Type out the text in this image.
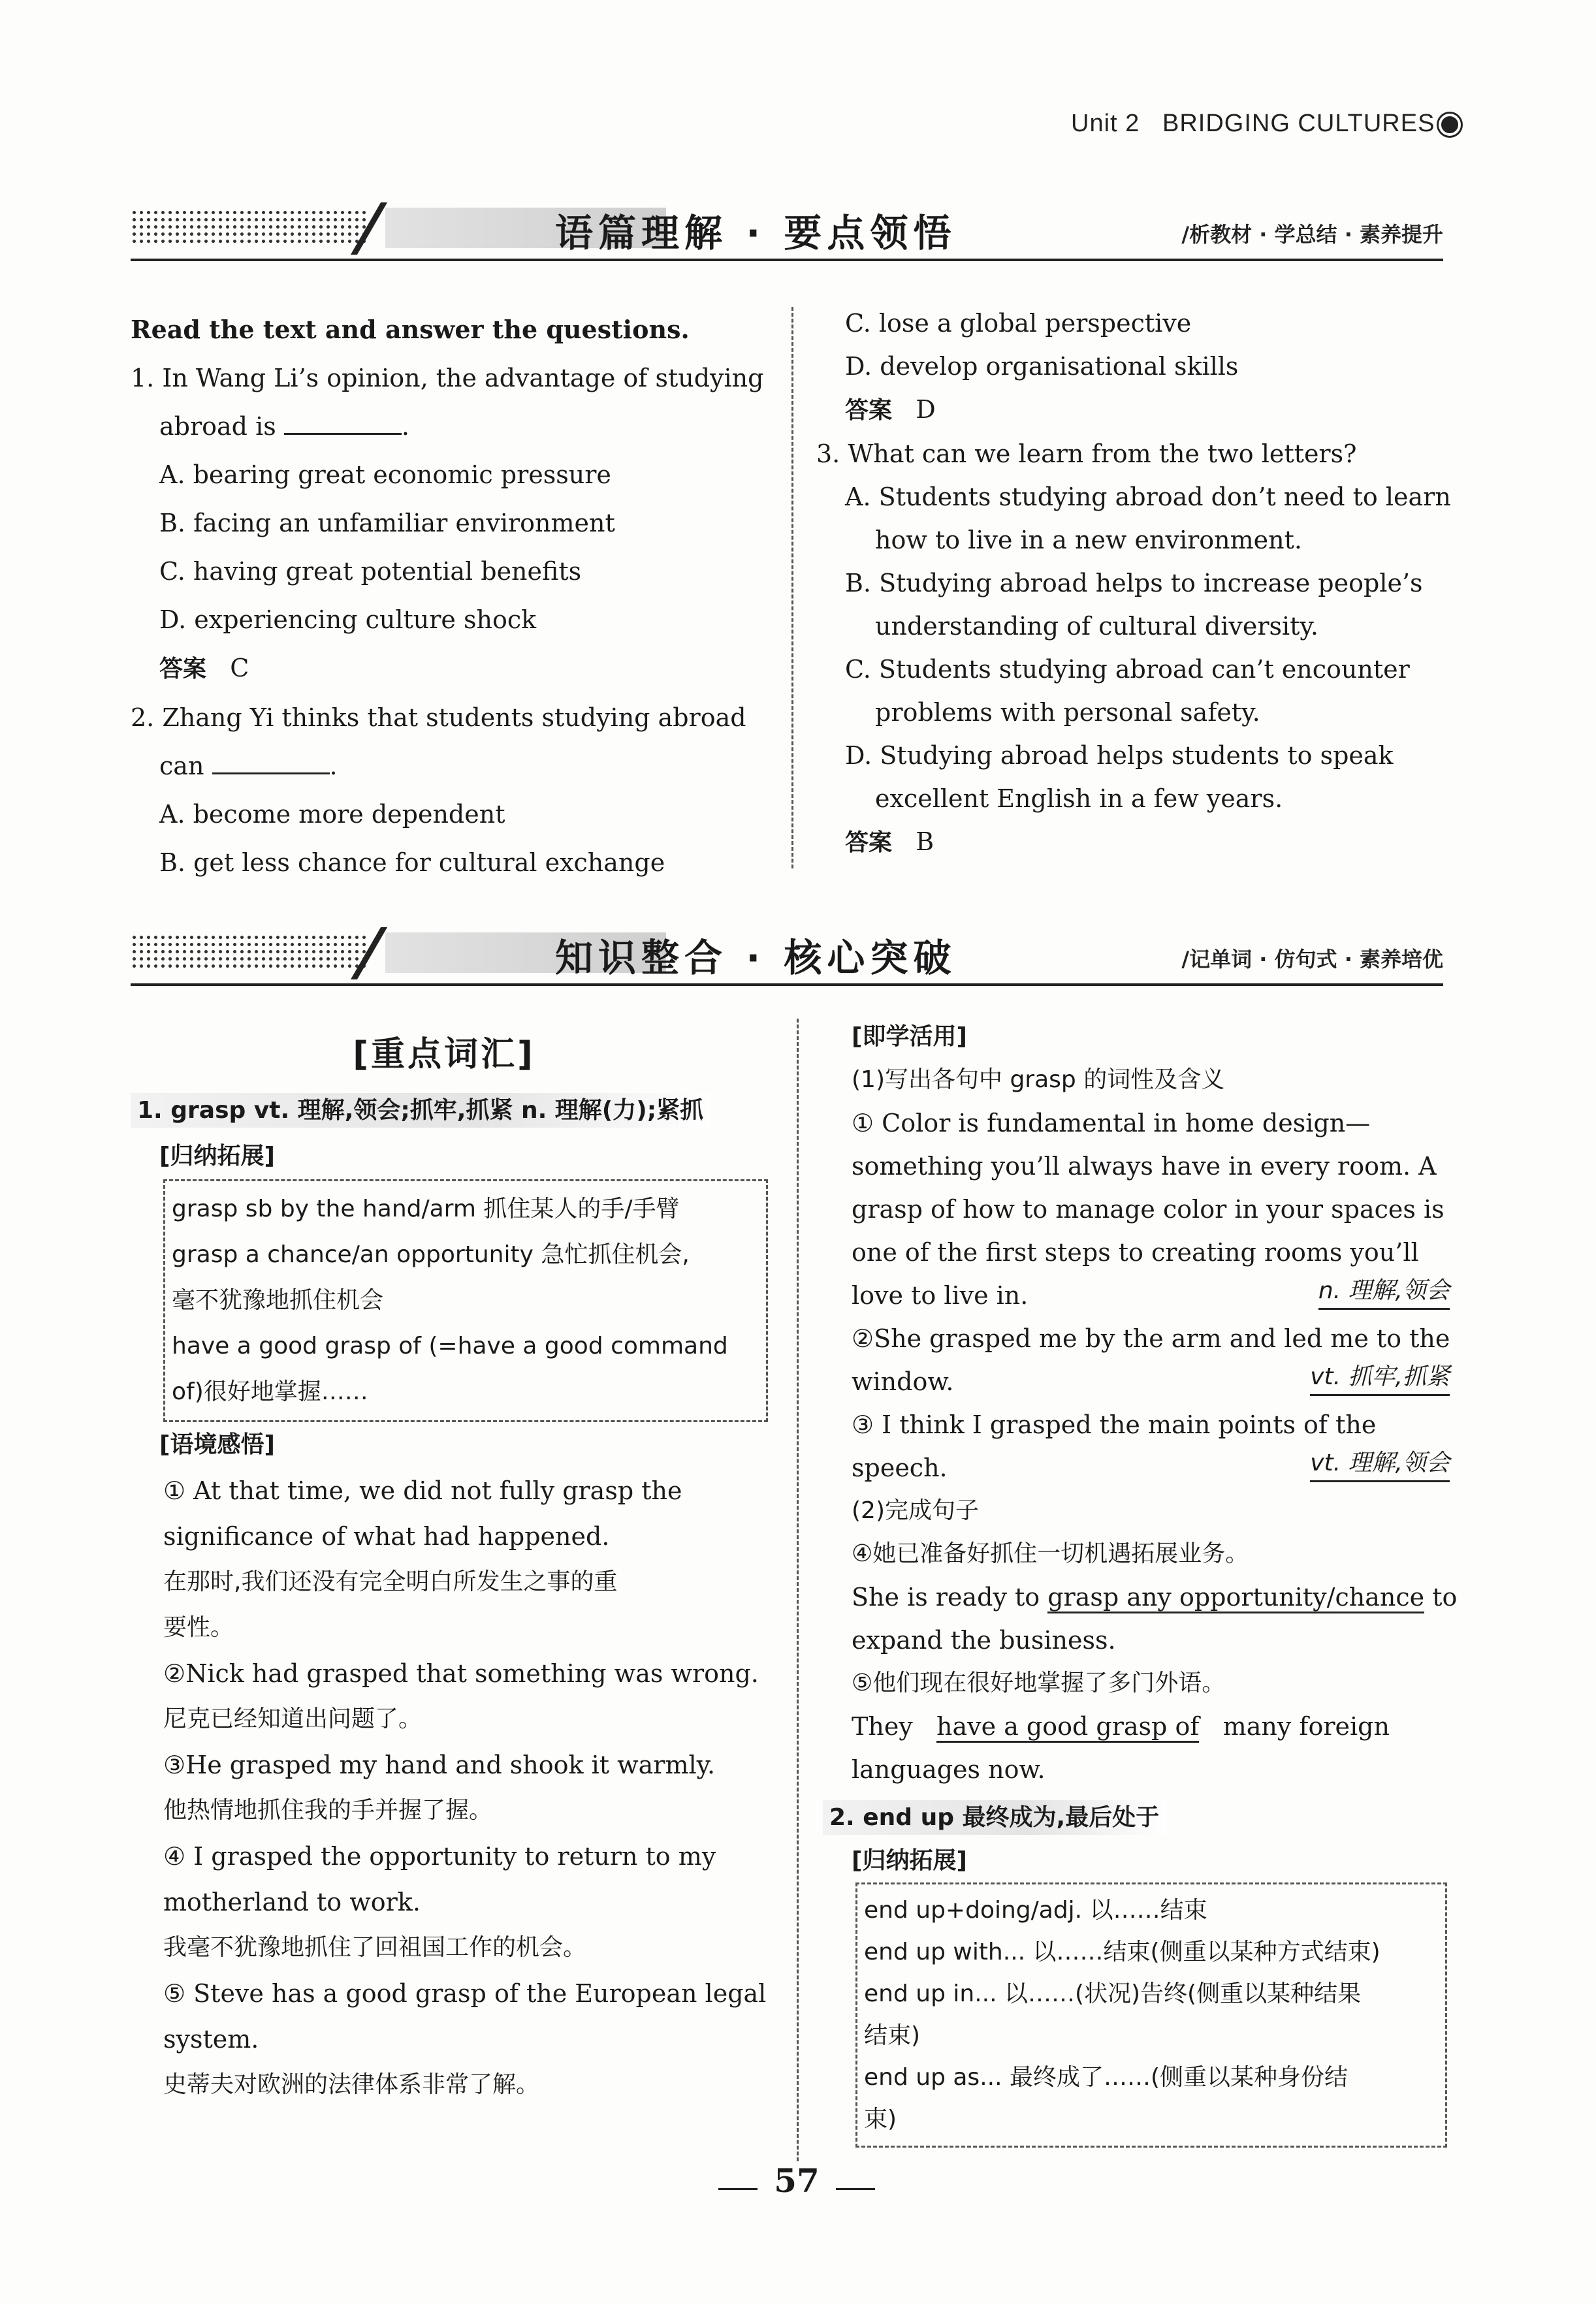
Unit 2 BRIDGING CULTURES
语篇理解 · 要点领悟	/析教材 · 学总结 · 素养提升

Read the text and answer the questions.

1. In Wang Li’s opinion, the advantage of studying

abroad is	.

A. bearing great economic pressure

B. facing an unfamiliar environment

C. having great potential benefits

D. experiencing culture shock

答案 C

2. Zhang Yi thinks that students studying abroad

can	.

A. become more dependent

B. get less chance for cultural exchange

C. lose a global perspective

D. develop organisational skills

答案 D

3. What can we learn from the two letters?

A. Students studying abroad don’t need to learn

how to live in a new environment.

B. Studying abroad helps to increase people’s

understanding of cultural diversity.

C. Students studying abroad can’t encounter

problems with personal safety.

D. Studying abroad helps students to speak

excellent English in a few years.

答案 B

知识整合 · 核心突破	/记单词 · 仿句式 · 素养培优

[重点词汇]

1. grasp vt. 理解,领会;抓牢,抓紧 n. 理解(力);紧抓

[归纳拓展]

grasp sb by the hand/arm 抓住某人的手/手臂

grasp a chance/an opportunity 急忙抓住机会,

毫不犹豫地抓住机会

have a good grasp of (=have a good command

of)很好地掌握……

[语境感悟]

① At that time, we did not fully grasp the

significance of what had happened.

在那时,我们还没有完全明白所发生之事的重

要性。

②Nick had grasped that something was wrong.

尼克已经知道出问题了。

③He grasped my hand and shook it warmly.

他热情地抓住我的手并握了握。

④ I grasped the opportunity to return to my

motherland to work.

我毫不犹豫地抓住了回祖国工作的机会。

⑤ Steve has a good grasp of the European legal

system.

史蒂夫对欧洲的法律体系非常了解。

[即学活用]

(1)写出各句中 grasp 的词性及含义

① Color is fundamental in home design—

something you’ll always have in every room. A

grasp of how to manage color in your spaces is

one of the first steps to creating rooms you’ll

love to live in.	n. 理解,领会

②She grasped me by the arm and led me to the

window.	vt. 抓牢,抓紧

③ I think I grasped the main points of the

speech.	vt. 理解,领会

(2)完成句子

④她已准备好抓住一切机遇拓展业务。

She is ready to grasp any opportunity/chance to

expand the business.

⑤他们现在很好地掌握了多门外语。

They have a good grasp of many foreign

languages now.

2. end up 最终成为,最后处于

[归纳拓展]

end up+doing/adj. 以……结束

end up with... 以……结束(侧重以某种方式结束)

end up in... 以……(状况)告终(侧重以某种结果

结束)

end up as... 最终成了……(侧重以某种身份结

束)

57
